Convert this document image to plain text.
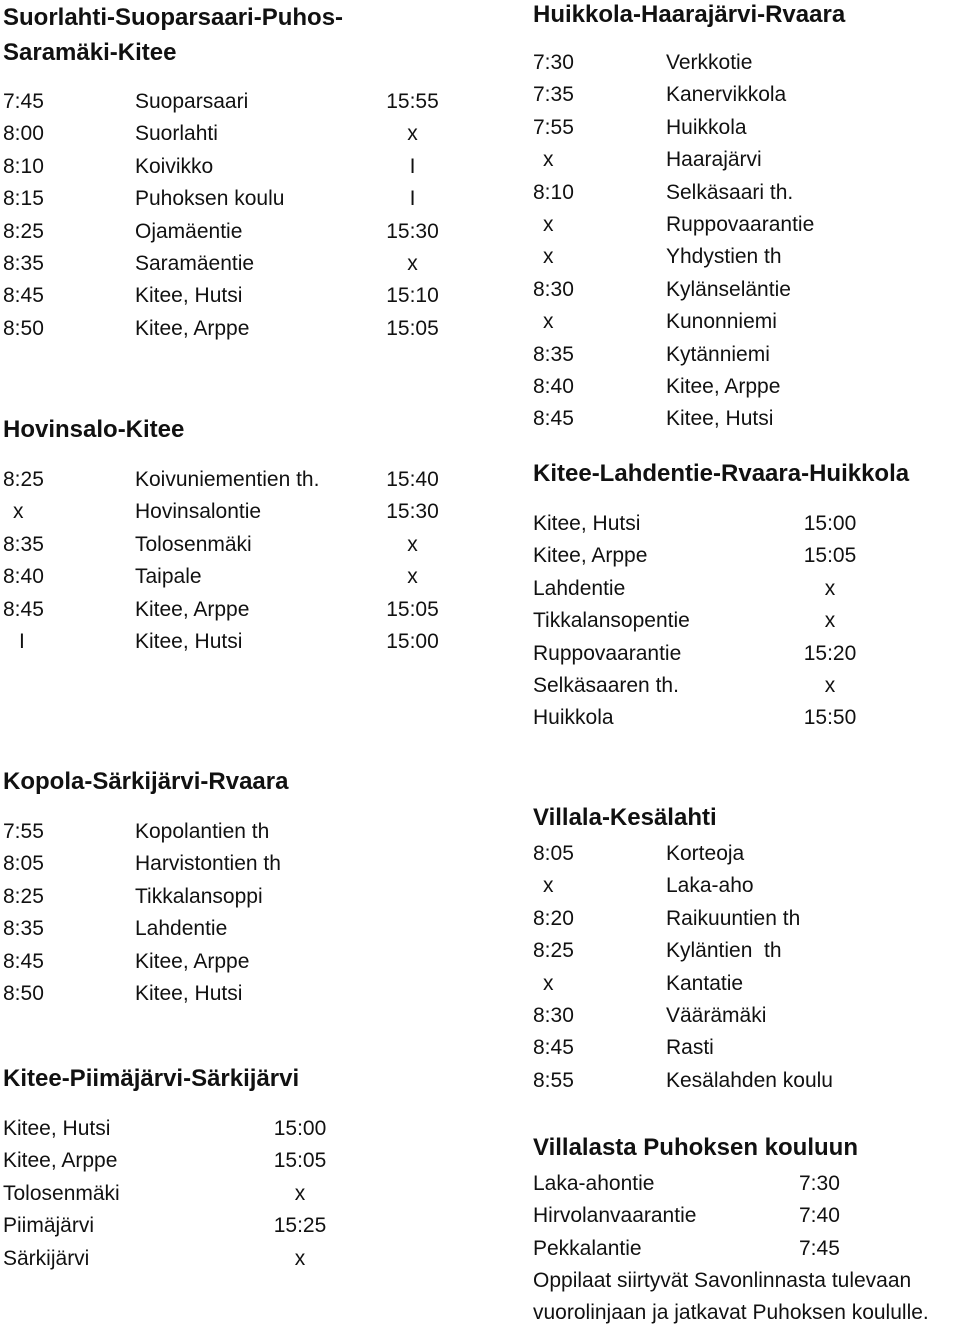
Suorlahti-Suoparsaari-Puhos-
Saramäki-Kitee
7:45	Suoparsaari	15:55
8:00	Suorlahti	x
8:10	Koivikko	I
8:15	Puhoksen koulu	I
8:25	Ojamäentie	15:30
8:35	Saramäentie	x
8:45	Kitee, Hutsi	15:10
8:50	Kitee, Arppe	15:05
Hovinsalo-Kitee
8:25	Koivuniementien th.	15:40
x	Hovinsalontie	15:30
8:35	Tolosenmäki	x
8:40	Taipale	x
8:45	Kitee, Arppe	15:05
I	Kitee, Hutsi	15:00
Kopola-Särkijärvi-Rvaara
7:55	Kopolantien th
8:05	Harvistontien th
8:25	Tikkalansoppi
8:35	Lahdentie
8:45	Kitee, Arppe
8:50	Kitee, Hutsi
Kitee-Piimäjärvi-Särkijärvi
Kitee, Hutsi	15:00
Kitee, Arppe	15:05
Tolosenmäki	x
Piimäjärvi	15:25
Särkijärvi	x
Huikkola-Haarajärvi-Rvaara
7:30	Verkkotie
7:35	Kanervikkola
7:55	Huikkola
x	Haarajärvi
8:10	Selkäsaari th.
x	Ruppovaarantie
x	Yhdystien th
8:30	Kylänseläntie
x	Kunonniemi
8:35	Kytänniemi
8:40	Kitee, Arppe
8:45	Kitee, Hutsi
Kitee-Lahdentie-Rvaara-Huikkola
Kitee, Hutsi	15:00
Kitee, Arppe	15:05
Lahdentie	x
Tikkalansopentie	x
Ruppovaarantie	15:20
Selkäsaaren th.	x
Huikkola	15:50
Villala-Kesälahti
8:05	Korteoja
x	Laka-aho
8:20	Raikuuntien th
8:25	Kyläntien  th
x	Kantatie
8:30	Väärämäki
8:45	Rasti
8:55	Kesälahden koulu
Villalasta Puhoksen kouluun
Laka-ahontie	7:30
Hirvolanvaarantie	7:40
Pekkalantie	7:45
Oppilaat siirtyvät Savonlinnasta tulevaan
vuorolinjaan ja jatkavat Puhoksen koululle.
